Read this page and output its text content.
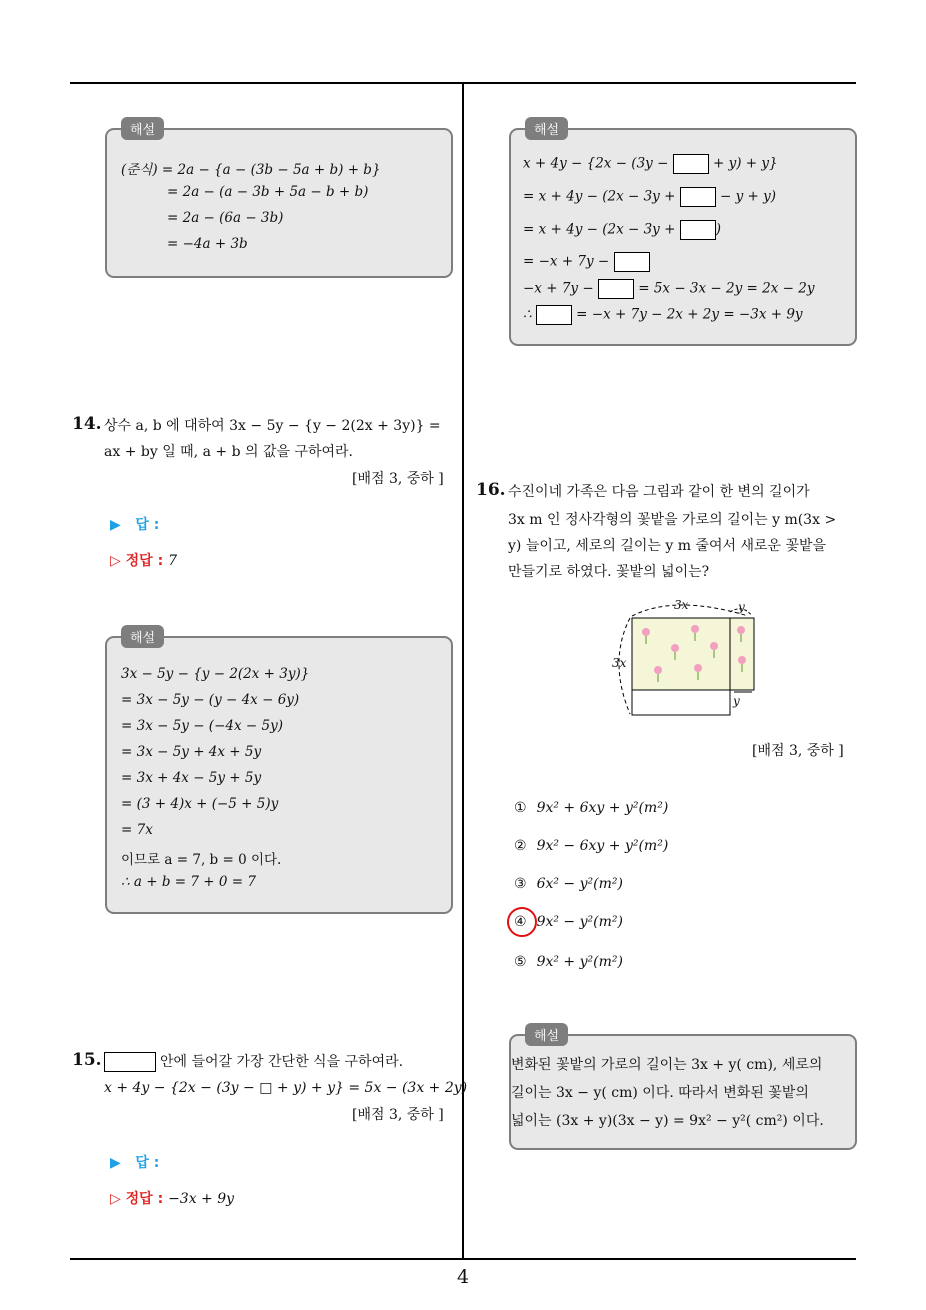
해설
(준식) = 2a − {a − (3b − 5a + b) + b}
= 2a − (a − 3b + 5a − b + b)
= 2a − (6a − 3b)
= −4a + 3b
14. 상수 a, b 에 대하여 3x − 5y − {y − 2(2x + 3y)} =
ax + by 일 때, a + b 의 값을 구하여라.
[배점 3, 중하 ]
▶ 답 :
▷ 정답 : 7
해설
3x − 5y − {y − 2(2x + 3y)}
= 3x − 5y − (y − 4x − 6y)
= 3x − 5y − (−4x − 5y)
= 3x − 5y + 4x + 5y
= 3x + 4x − 5y + 5y
= (3 + 4)x + (−5 + 5)y
= 7x
이므로 a = 7, b = 0 이다.
∴ a + b = 7 + 0 = 7
15.	안에 들어갈 가장 간단한 식을 구하여라.
x + 4y − {2x − (3y − □ + y) + y} = 5x − (3x + 2y)
[배점 3, 중하 ]
▶ 답 :
▷ 정답 : −3x + 9y
해설
x + 4y − {2x − (3y −	+ y) + y}
= x + 4y − (2x − 3y +	− y + y)
= x + 4y − (2x − 3y +	)
= −x + 7y −
−x + 7y −	= 5x − 3x − 2y = 2x − 2y
∴	= −x + 7y − 2x + 2y = −3x + 9y
16. 수진이네 가족은 다음 그림과 같이 한 변의 길이가
3x m 인 정사각형의 꽃밭을 가로의 길이는 y m(3x >
y) 늘이고, 세로의 길이는 y m 줄여서 새로운 꽃밭을
만들기로 하였다. 꽃밭의 넓이는?
3x
3x
y
y
[배점 3, 중하 ]
① 9x² + 6xy + y²(m²)
② 9x² − 6xy + y²(m²)
③ 6x² − y²(m²)
④ 9x² − y²(m²)
⑤ 9x² + y²(m²)
해설
변화된 꽃밭의 가로의 길이는 3x + y( cm), 세로의
길이는 3x − y( cm) 이다. 따라서 변화된 꽃밭의
넓이는 (3x + y)(3x − y) = 9x² − y²( cm²) 이다.
4
